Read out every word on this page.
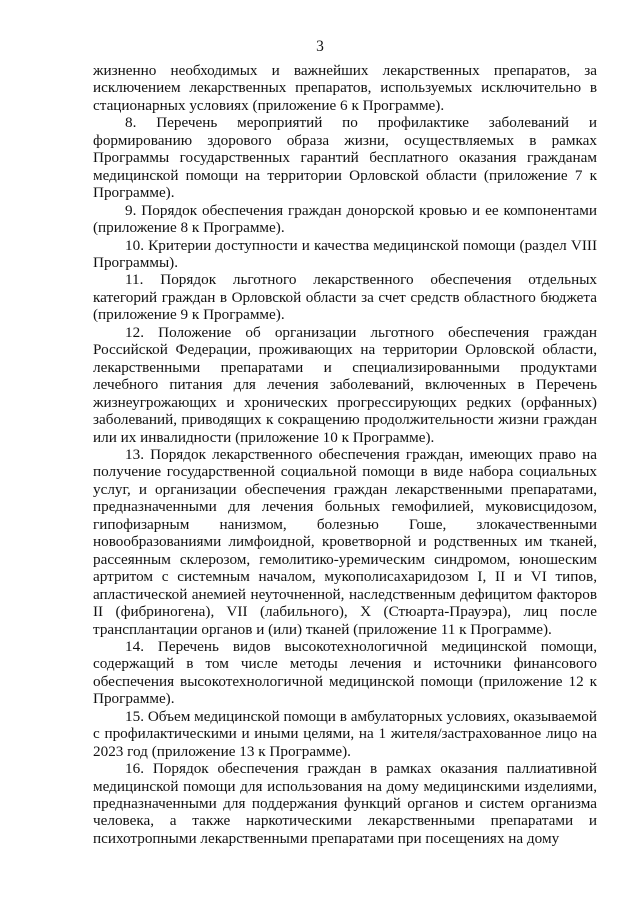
3

жизненно необходимых и важнейших лекарственных препаратов, за исключением лекарственных препаратов, используемых исключительно в стационарных условиях (приложение 6 к Программе).

8. Перечень мероприятий по профилактике заболеваний и формированию здорового образа жизни, осуществляемых в рамках Программы государственных гарантий бесплатного оказания гражданам медицинской помощи на территории Орловской области (приложение 7 к Программе).

9. Порядок обеспечения граждан донорской кровью и ее компонентами (приложение 8 к Программе).

10. Критерии доступности и качества медицинской помощи (раздел VIII Программы).

11. Порядок льготного лекарственного обеспечения отдельных категорий граждан в Орловской области за счет средств областного бюджета (приложение 9 к Программе).

12. Положение об организации льготного обеспечения граждан Российской Федерации, проживающих на территории Орловской области, лекарственными препаратами и специализированными продуктами лечебного питания для лечения заболеваний, включенных в Перечень жизнеугрожающих и хронических прогрессирующих редких (орфанных) заболеваний, приводящих к сокращению продолжительности жизни граждан или их инвалидности (приложение 10 к Программе).

13. Порядок лекарственного обеспечения граждан, имеющих право на получение государственной социальной помощи в виде набора социальных услуг, и организации обеспечения граждан лекарственными препаратами, предназначенными для лечения больных гемофилией, муковисцидозом, гипофизарным нанизмом, болезнью Гоше, злокачественными новообразованиями лимфоидной, кроветворной и родственных им тканей, рассеянным склерозом, гемолитико-уремическим синдромом, юношеским артритом с системным началом, мукополисахаридозом I, II и VI типов, апластической анемией неуточненной, наследственным дефицитом факторов II (фибриногена), VII (лабильного), X (Стюарта-Прауэра), лиц после трансплантации органов и (или) тканей (приложение 11 к Программе).

14. Перечень видов высокотехнологичной медицинской помощи, содержащий в том числе методы лечения и источники финансового обеспечения высокотехнологичной медицинской помощи (приложение 12 к Программе).

15. Объем медицинской помощи в амбулаторных условиях, оказываемой с профилактическими и иными целями, на 1 жителя/застрахованное лицо на 2023 год (приложение 13 к Программе).

16. Порядок обеспечения граждан в рамках оказания паллиативной медицинской помощи для использования на дому медицинскими изделиями, предназначенными для поддержания функций органов и систем организма человека, а также наркотическими лекарственными препаратами и психотропными лекарственными препаратами при посещениях на дому
